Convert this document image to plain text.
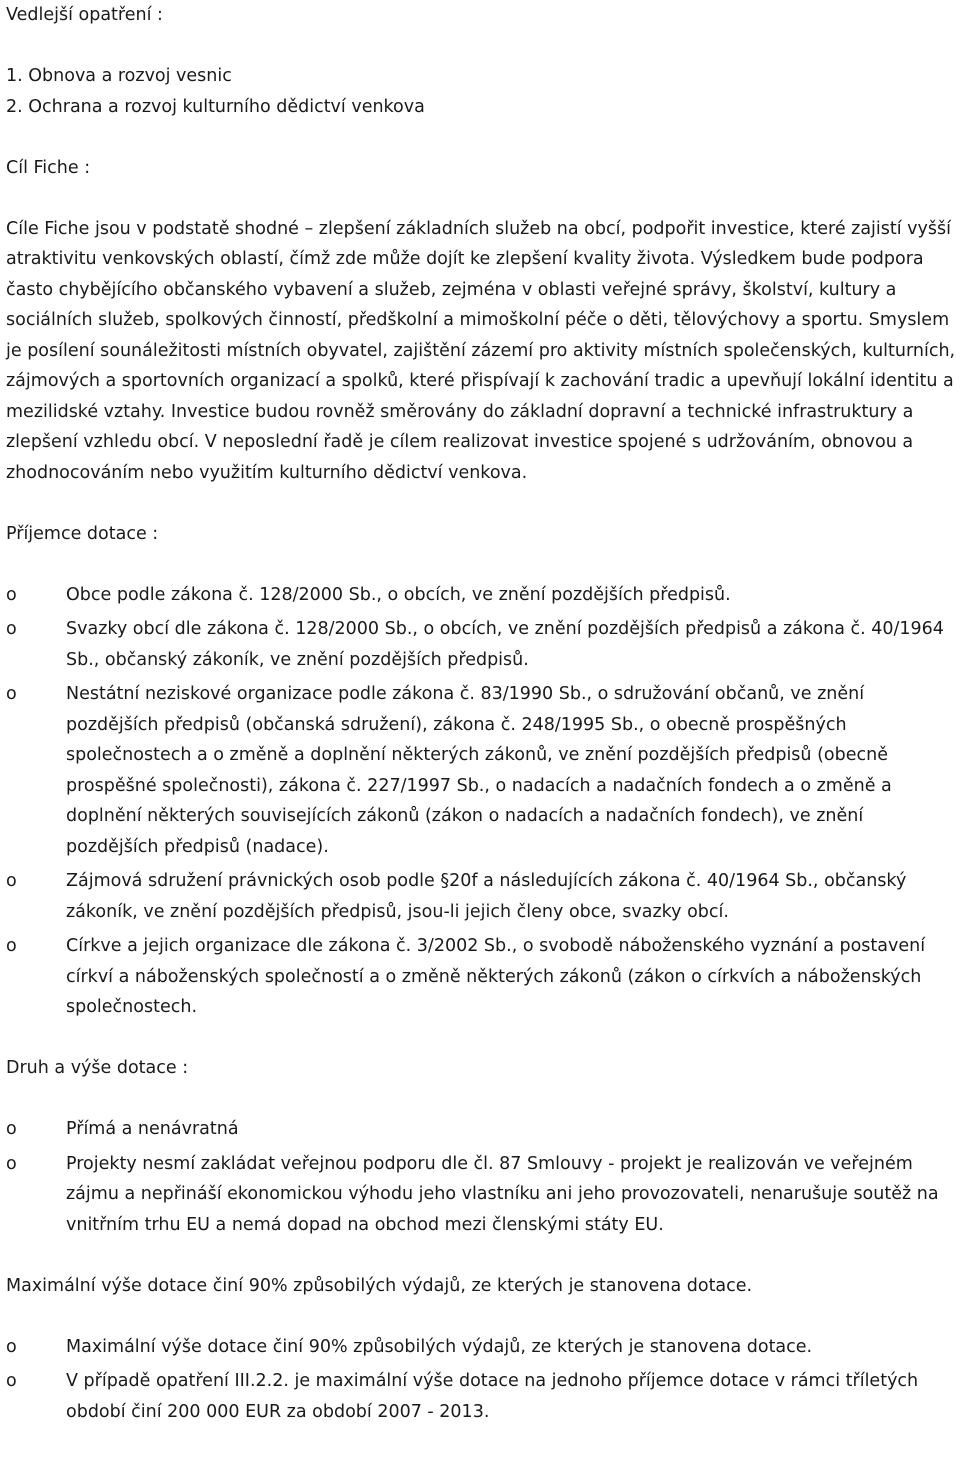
Vedlejší opatření :

1. Obnova a rozvoj vesnic

2. Ochrana a rozvoj kulturního dědictví venkova

Cíl Fiche :

Cíle Fiche jsou v podstatě shodné – zlepšení základních služeb na obcí, podpořit investice, které zajistí vyšší atraktivitu venkovských oblastí, čímž zde může dojít ke zlepšení kvality života. Výsledkem bude podpora často chybějícího občanského vybavení a služeb, zejména v oblasti veřejné správy, školství, kultury a sociálních služeb, spolkových činností, předškolní a mimoškolní péče o děti, tělovýchovy a sportu. Smyslem je posílení sounáležitosti místních obyvatel, zajištění zázemí pro aktivity místních společenských, kulturních, zájmových a sportovních organizací a spolků, které přispívají k zachování tradic a upevňují lokální identitu a mezilidské vztahy. Investice budou rovněž směrovány do základní dopravní a technické infrastruktury a zlepšení vzhledu obcí. V neposlední řadě je cílem realizovat investice spojené s udržováním, obnovou a zhodnocováním nebo využitím kulturního dědictví venkova.

Příjemce dotace :

o	Obce podle zákona č. 128/2000 Sb., o obcích, ve znění pozdějších předpisů.
o	Svazky obcí dle zákona č. 128/2000 Sb., o obcích, ve znění pozdějších předpisů a zákona č. 40/1964 Sb., občanský zákoník, ve znění pozdějších předpisů.
o	Nestátní neziskové organizace podle zákona č. 83/1990 Sb., o sdružování občanů, ve znění pozdějších předpisů (občanská sdružení), zákona č. 248/1995 Sb., o obecně prospěšných společnostech a o změně a doplnění některých zákonů, ve znění pozdějších předpisů (obecně prospěšné společnosti), zákona č. 227/1997 Sb., o nadacích a nadačních fondech a o změně a doplnění některých souvisejících zákonů (zákon o nadacích a nadačních fondech), ve znění pozdějších předpisů (nadace).
o	Zájmová sdružení právnických osob podle §20f a následujících zákona č. 40/1964 Sb., občanský zákoník, ve znění pozdějších předpisů, jsou-li jejich členy obce, svazky obcí.
o	Církve a jejich organizace dle zákona č. 3/2002 Sb., o svobodě náboženského vyznání a postavení církví a náboženských společností a o změně některých zákonů (zákon o církvích a náboženských společnostech.

Druh a výše dotace :

o	Přímá a nenávratná
o	Projekty nesmí zakládat veřejnou podporu dle čl. 87 Smlouvy - projekt je realizován ve veřejném zájmu a nepřináší ekonomickou výhodu jeho vlastníku ani jeho provozovateli, nenarušuje soutěž na vnitřním trhu EU a nemá dopad na obchod mezi členskými státy EU.

Maximální výše dotace činí 90% způsobilých výdajů, ze kterých je stanovena dotace.

o	Maximální výše dotace činí 90% způsobilých výdajů, ze kterých je stanovena dotace.
o	V případě opatření III.2.2. je maximální výše dotace na jednoho příjemce dotace v rámci tříletých období činí 200 000 EUR za období 2007 - 2013.
